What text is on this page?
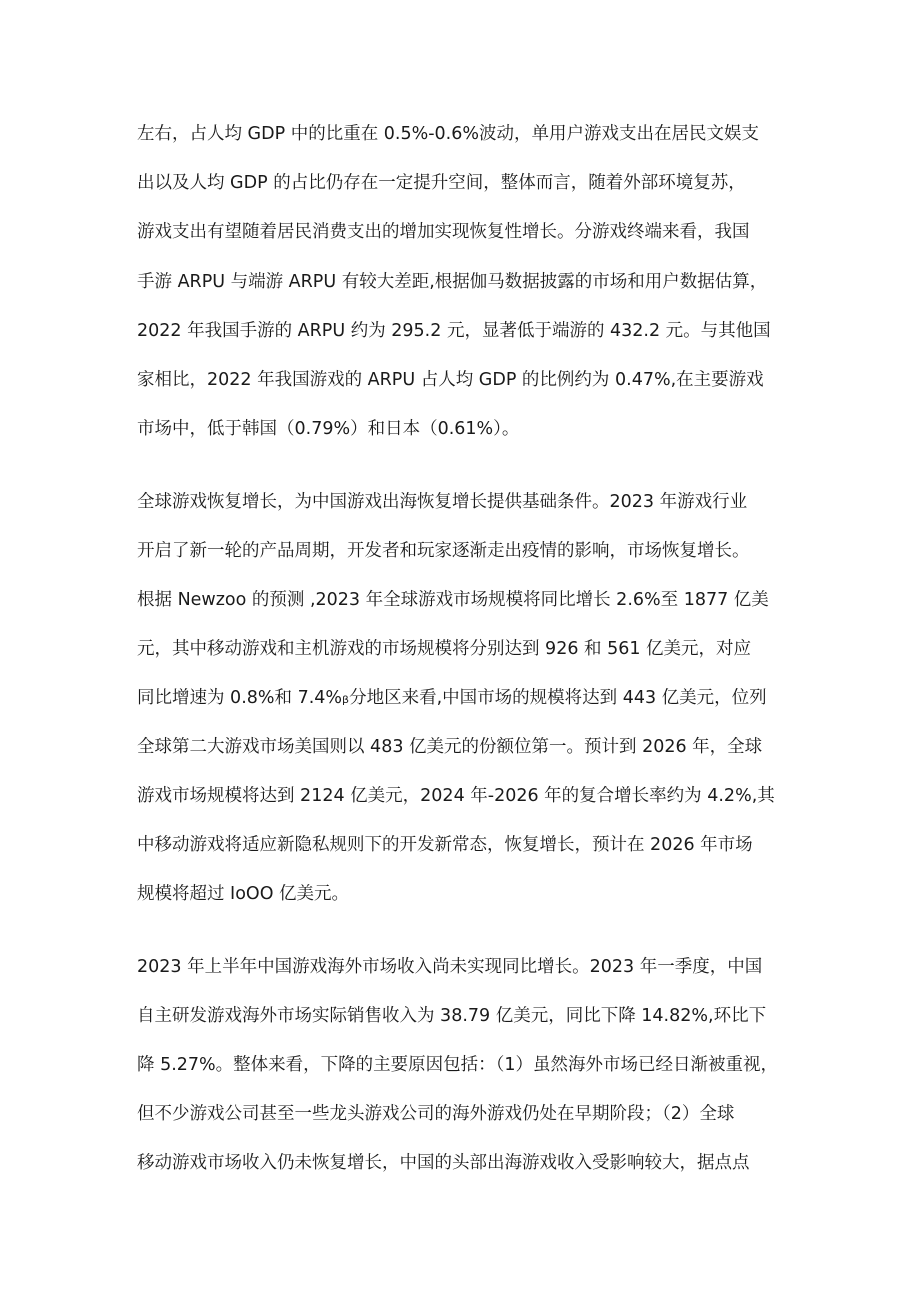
左右，占人均 GDP 中的比重在 0.5%-0.6%波动，单用户游戏支出在居民文娱支
出以及人均 GDP 的占比仍存在一定提升空间，整体而言，随着外部环境复苏，
游戏支出有望随着居民消费支出的增加实现恢复性增长。分游戏终端来看，我国
手游 ARPU 与端游 ARPU 有较大差距,根据伽马数据披露的市场和用户数据估算，
2022 年我国手游的 ARPU 约为 295.2 元，显著低于端游的 432.2 元。与其他国
家相比，2022 年我国游戏的 ARPU 占人均 GDP 的比例约为 0.47%,在主要游戏
市场中，低于韩国（0.79%）和日本（0.61%）。
全球游戏恢复增长，为中国游戏出海恢复增长提供基础条件。2023 年游戏行业
开启了新一轮的产品周期，开发者和玩家逐渐走出疫情的影响，市场恢复增长。
根据 Newzoo 的预测 ,2023 年全球游戏市场规模将同比增长 2.6%至 1877 亿美
元，其中移动游戏和主机游戏的市场规模将分别达到 926 和 561 亿美元，对应
同比增速为 0.8%和 7.4%ᵦ分地区来看,中国市场的规模将达到 443 亿美元，位列
全球第二大游戏市场美国则以 483 亿美元的份额位第一。预计到 2026 年，全球
游戏市场规模将达到 2124 亿美元，2024 年-2026 年的复合增长率约为 4.2%,其
中移动游戏将适应新隐私规则下的开发新常态，恢复增长，预计在 2026 年市场
规模将超过 IoOO 亿美元。
2023 年上半年中国游戏海外市场收入尚未实现同比增长。2023 年一季度，中国
自主研发游戏海外市场实际销售收入为 38.79 亿美元，同比下降 14.82%,环比下
降 5.27%。整体来看，下降的主要原因包括：（1）虽然海外市场已经日渐被重视，
但不少游戏公司甚至一些龙头游戏公司的海外游戏仍处在早期阶段；（2）全球
移动游戏市场收入仍未恢复增长，中国的头部出海游戏收入受影响较大，据点点
